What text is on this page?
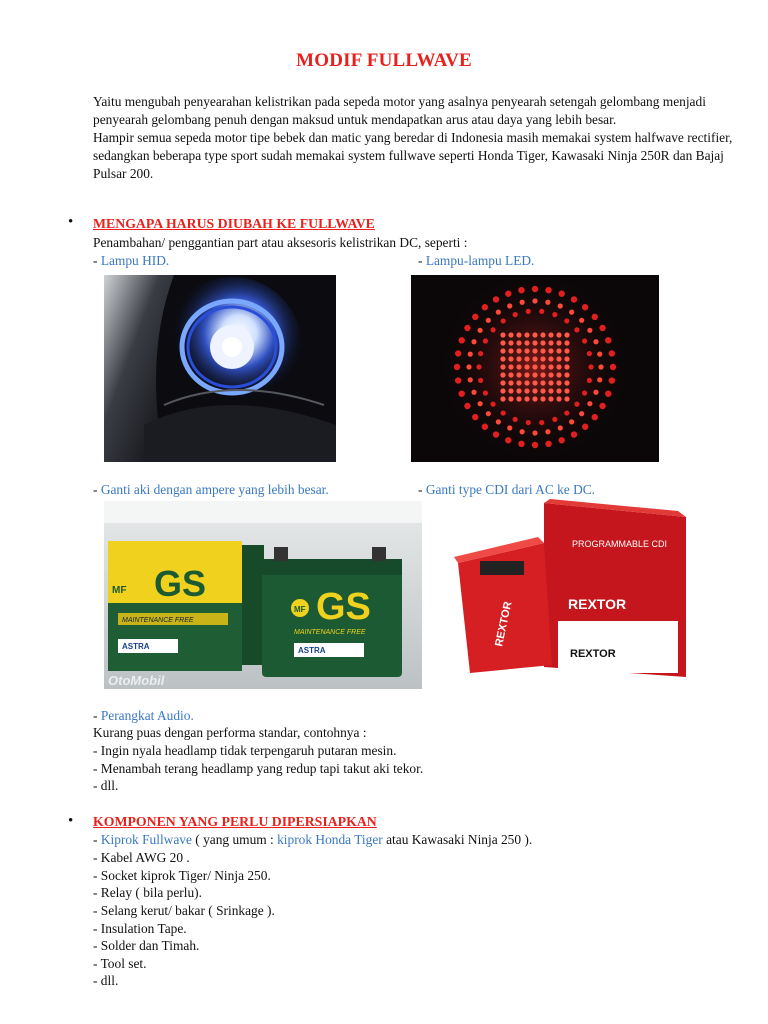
MODIF FULLWAVE

Yaitu mengubah penyearahan kelistrikan pada sepeda motor yang asalnya penyearah setengah gelombang menjadi penyearah gelombang penuh dengan maksud untuk mendapatkan arus atau daya yang lebih besar.

Hampir semua sepeda motor tipe bebek dan matic yang beredar di Indonesia masih memakai system halfwave rectifier, sedangkan beberapa type sport sudah memakai system fullwave seperti Honda Tiger, Kawasaki Ninja 250R dan Bajaj Pulsar 200.

• MENGAPA HARUS DIUBAH KE FULLWAVE
Penambahan/ penggantian part atau aksesoris kelistrikan DC, seperti :
- Lampu HID.	- Lampu-lampu LED.
- Ganti aki dengan ampere yang lebih besar.	- Ganti type CDI dari AC ke DC.
GS
MF
MAINTENANCE FREE
ASTRA
GS
MF
MAINTENANCE FREE
ASTRA
OtoMobil
PROGRAMMABLE CDI
REXTOR
REXTOR
REXTOR
- Perangkat Audio.
Kurang puas dengan performa standar, contohnya :
- Ingin nyala headlamp tidak terpengaruh putaran mesin.
- Menambah terang headlamp yang redup tapi takut aki tekor.
- dll.
• KOMPONEN YANG PERLU DIPERSIAPKAN
- Kiprok Fullwave ( yang umum : kiprok Honda Tiger atau Kawasaki Ninja 250 ).
- Kabel AWG 20 .
- Socket kiprok Tiger/ Ninja 250.
- Relay ( bila perlu).
- Selang kerut/ bakar ( Srinkage ).
- Insulation Tape.
- Solder dan Timah.
- Tool set.
- dll.
